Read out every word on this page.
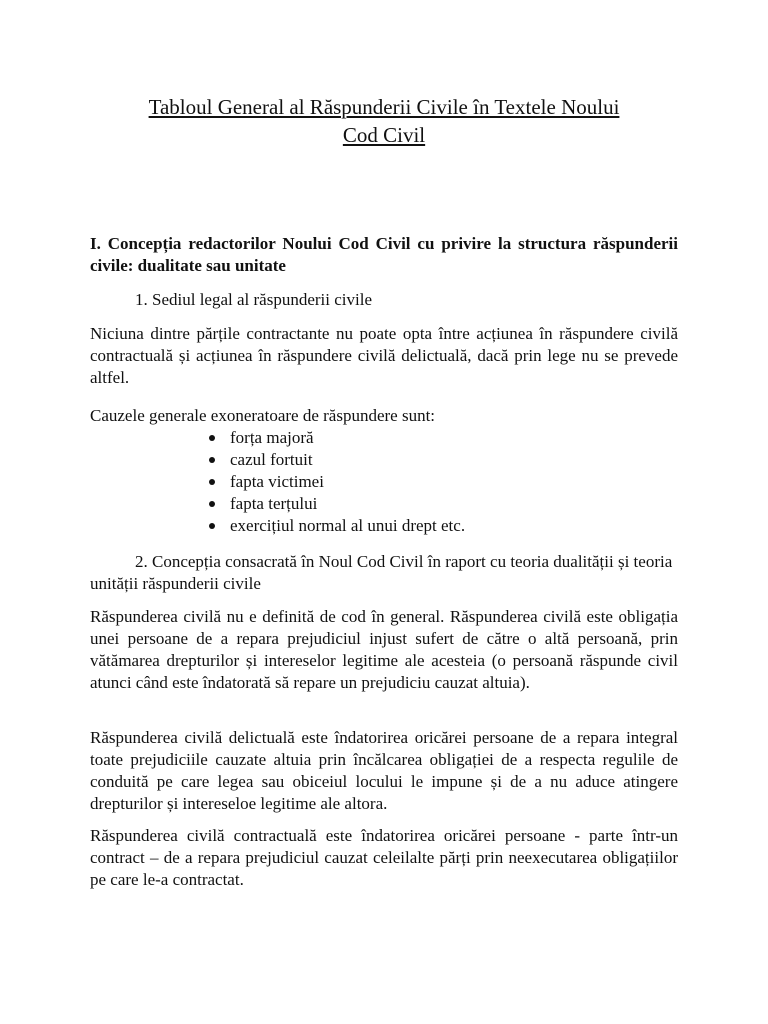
Tabloul General al Răspunderii Civile în Textele Noului
Cod Civil

I. Concepția redactorilor Noului Cod Civil cu privire la structura răspunderii civile: dualitate sau unitate

1. Sediul legal al răspunderii civile

Niciuna dintre părțile contractante nu poate opta între acțiunea în răspundere civilă contractuală și acțiunea în răspundere civilă delictuală, dacă prin lege nu se prevede altfel.

Cauzele generale exoneratoare de răspundere sunt:

forța majoră
cazul fortuit
fapta victimei
fapta terțului
exercițiul normal al unui drept etc.

2. Concepția consacrată în Noul Cod Civil în raport cu teoria dualității și teoria unității răspunderii civile

Răspunderea civilă nu e definită de cod în general. Răspunderea civilă este obligația unei persoane de a repara prejudiciul injust sufert de către o altă persoană, prin vătămarea drepturilor și intereselor legitime ale acesteia (o persoană răspunde civil atunci când este îndatorată să repare un prejudiciu cauzat altuia).

Răspunderea civilă delictuală este îndatorirea oricărei persoane de a repara integral toate prejudiciile cauzate altuia prin încălcarea obligației de a respecta regulile de conduită pe care legea sau obiceiul locului le impune și de a nu aduce atingere drepturilor și intereseloe legitime ale altora.

Răspunderea civilă contractuală este îndatorirea oricărei persoane - parte într-un contract – de a repara prejudiciul cauzat celeilalte părți prin neexecutarea obligațiilor pe care le-a contractat.
